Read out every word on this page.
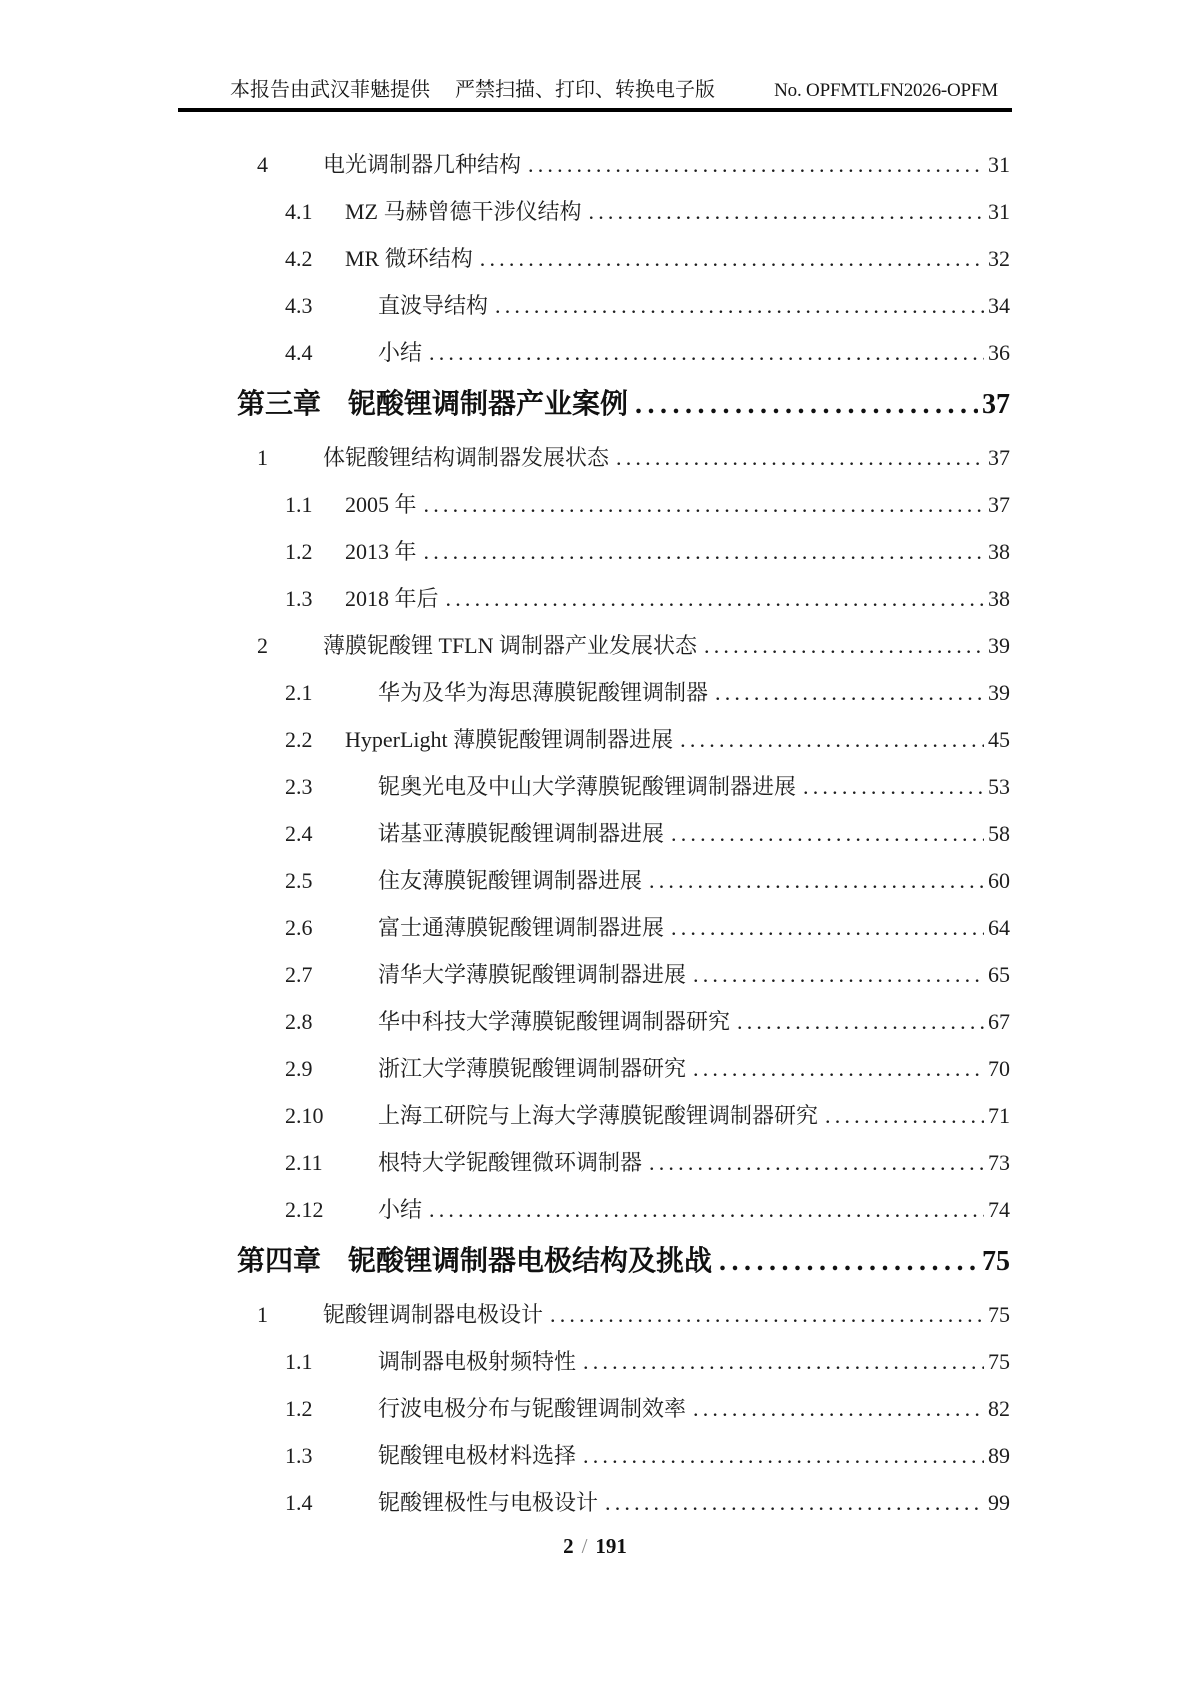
本报告由武汉菲魅提供 严禁扫描、打印、转换电子版	No. OPFMTLFN2026-OPFM
4	电光调制器几种结构 .....	31
4.1	MZ 马赫曾德干涉仪结构 .....	31
4.2	MR 微环结构 .....	32
4.3	直波导结构 .....	34
4.4	小结 .....	36
第三章 铌酸锂调制器产业案例 .....	37
1	体铌酸锂结构调制器发展状态 .....	37
1.1	2005 年 .....	37
1.2	2013 年 .....	38
1.3	2018 年后 .....	38
2	薄膜铌酸锂 TFLN 调制器产业发展状态 .....	39
2.1	华为及华为海思薄膜铌酸锂调制器 .....	39
2.2	HyperLight 薄膜铌酸锂调制器进展 .....	45
2.3	铌奥光电及中山大学薄膜铌酸锂调制器进展 .....	53
2.4	诺基亚薄膜铌酸锂调制器进展 .....	58
2.5	住友薄膜铌酸锂调制器进展 .....	60
2.6	富士通薄膜铌酸锂调制器进展 .....	64
2.7	清华大学薄膜铌酸锂调制器进展 .....	65
2.8	华中科技大学薄膜铌酸锂调制器研究 .....	67
2.9	浙江大学薄膜铌酸锂调制器研究 .....	70
2.10	上海工研院与上海大学薄膜铌酸锂调制器研究 .....	71
2.11	根特大学铌酸锂微环调制器 .....	73
2.12	小结 .....	74
第四章 铌酸锂调制器电极结构及挑战 .....	75
1	铌酸锂调制器电极设计 .....	75
1.1	调制器电极射频特性 .....	75
1.2	行波电极分布与铌酸锂调制效率 .....	82
1.3	铌酸锂电极材料选择 .....	89
1.4	铌酸锂极性与电极设计 .....	99
2 / 191
